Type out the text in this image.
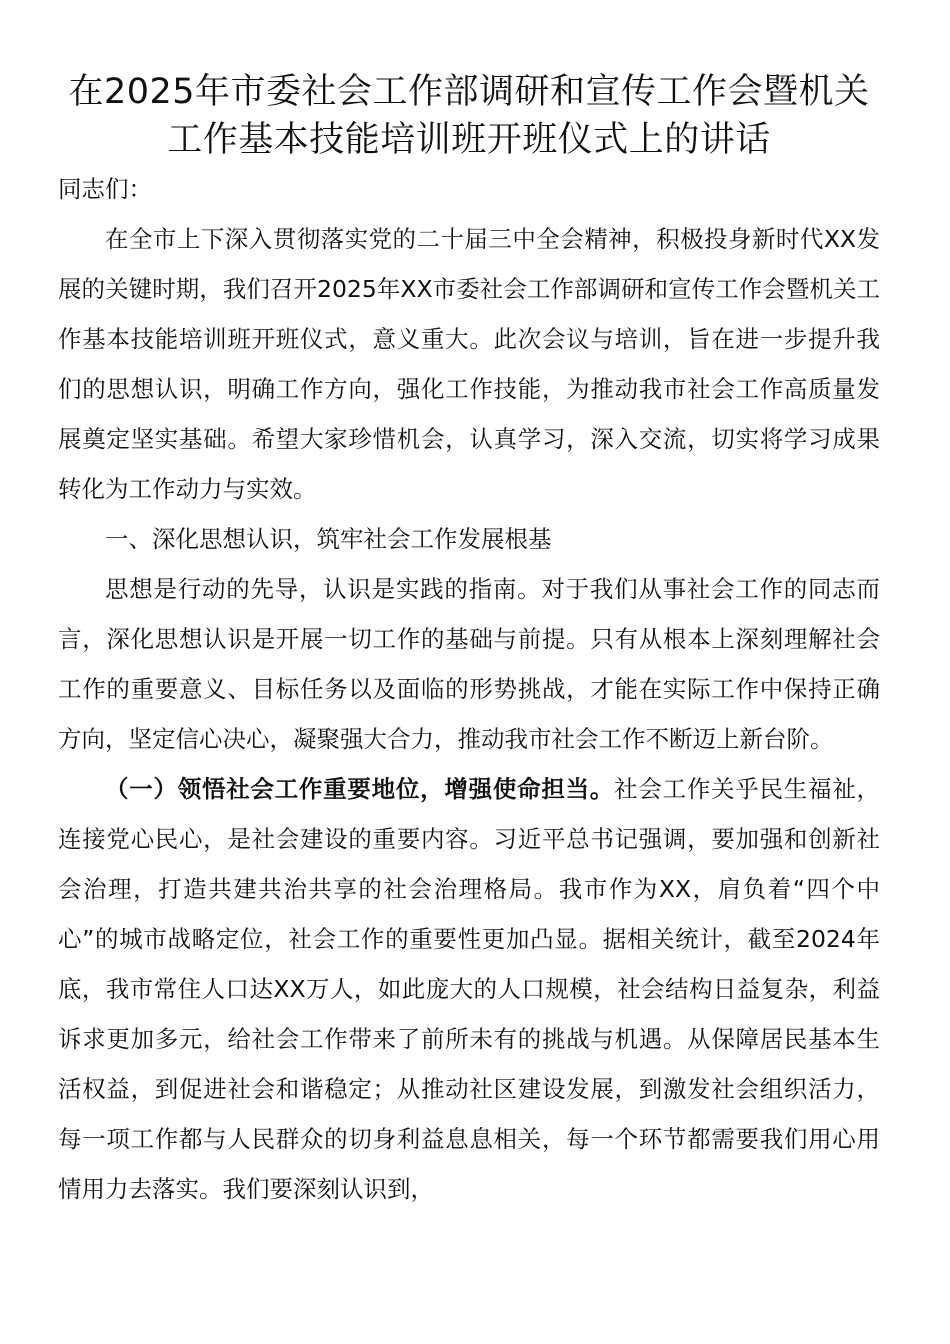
在2025年市委社会工作部调研和宣传工作会暨机关
工作基本技能培训班开班仪式上的讲话

同志们：

在全市上下深入贯彻落实党的二十届三中全会精神，积极投身新时代XX发展的关键时期，我们召开2025年XX市委社会工作部调研和宣传工作会暨机关工作基本技能培训班开班仪式，意义重大。此次会议与培训，旨在进一步提升我们的思想认识，明确工作方向，强化工作技能，为推动我市社会工作高质量发展奠定坚实基础。希望大家珍惜机会，认真学习，深入交流，切实将学习成果转化为工作动力与实效。

一、深化思想认识，筑牢社会工作发展根基

思想是行动的先导，认识是实践的指南。对于我们从事社会工作的同志而言，深化思想认识是开展一切工作的基础与前提。只有从根本上深刻理解社会工作的重要意义、目标任务以及面临的形势挑战，才能在实际工作中保持正确方向，坚定信心决心，凝聚强大合力，推动我市社会工作不断迈上新台阶。

（一）领悟社会工作重要地位，增强使命担当。社会工作关乎民生福祉，连接党心民心，是社会建设的重要内容。习近平总书记强调，要加强和创新社会治理，打造共建共治共享的社会治理格局。我市作为XX，肩负着“四个中心”的城市战略定位，社会工作的重要性更加凸显。据相关统计，截至2024年底，我市常住人口达XX万人，如此庞大的人口规模，社会结构日益复杂，利益诉求更加多元，给社会工作带来了前所未有的挑战与机遇。从保障居民基本生活权益，到促进社会和谐稳定；从推动社区建设发展，到激发社会组织活力，每一项工作都与人民群众的切身利益息息相关，每一个环节都需要我们用心用情用力去落实。我们要深刻认识到，
